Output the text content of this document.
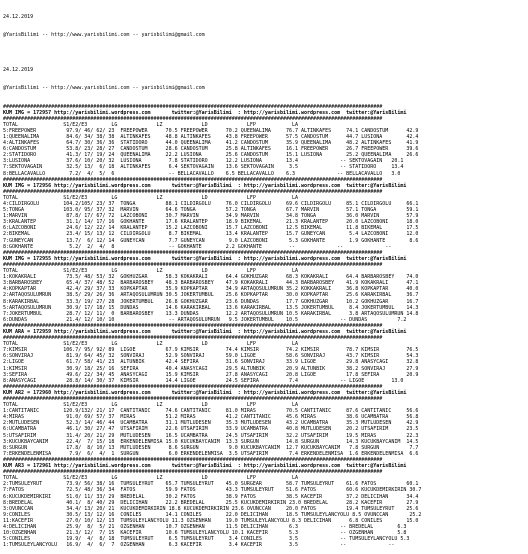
24.12.2019

@YarisBilimi -- http://www.yarisbilimi.com -- yarisbilimi@gmail.com

24.12.2019

@YarisBilimi -- http://www.yarisbilimi.com -- yarisbilimi@gmail.com

##############################################################################################################################
KUM IMG = 172957 http://yarisbilimi.wordpress.com       twitter:@YarisBilimi  : http://yarisbilimi.wordpress.com  twitter:@YarisBilimi
##############################################################################################################################
TOTAL               S1/E2/E3        LG             LZ             LD             LFP            LA
5:FREEPOWER          97.9/ 46/ 62/ 23  FREEPOWER      70.5 FREEPOWER      70.2 QUEENALIMA     76.7 ALTINKAFES     74.1 CANDOSTUM      42.9
1:QUEENALIMA         84.6/ 34/ 38/ 38  ALTINKAFES     48.8 ALTINKAFES     43.8 FREEPOWER      57.5 CANDOSTUM      44.7 LUSIONA        42.4
4:ALTINKAFES         64.7/ 30/ 36/ 36  STATIDORO      44.0 QUEENALIMA     41.2 CANDOSTUM      35.9 QUEENALIMA     48.2 ALTINKAFES     41.9
6:CANDOSTUM          53.8/ 23/ 28/ 27  CANDOSTUM      28.6 CANDOSTUM      25.8 ALTINKAFES     16.1 FREEPOWER      26.7 FREEPOWER      39.6
2:STATIDORO          41.3/ 17/ 19/ 24  QUEENALIMA     22.2 LUSIONA        25.6 CANDOSTUM      15.1 LUSIONA        25.2 QUEENALIMA     26.6
3:LUSIONA            37.6/ 10/ 20/ 32  LUSIONA         7.8 STATIDORO      12.2 LUSIONA        13.4              -- SEKTOVAGAIN   20.1
7:SEKTOVAGAIN        32.5/ 13/  6/ 18  ALTINKAFES      6.4 SEKTOVAGAIN    13.6 SEKTOVAGAIN     3.5              -- STATIDORO     13.4
8:BELLACAVALLO        7.2/  4/  5/  6                  -- BELLACAVALLO    6.5 BELLACAVALLO    6.3              -- BELLACAVALLO   3.0
##############################################################################################################################
KUM IMG = 172956 http://yarisbilimi.wordpress.com       twitter:@YarisBilimi  : http://yarisbilimi.wordpress.com  twitter:@YarisBilimi
##############################################################################################################################
TOTAL               S1/E2/E3        LG             LZ             LD             LFP            LA
4:CILDIRGOLU        104.2/105/ 23/ 37  TONGA          88.1 CILDIRGOLU     76.0 CILDIRGOLU     69.6 CILDIRGOLU     85.1 CILDIRGOLU     66.1
5:TONGA             103.0/ 95/ 37/ 32  MARVIN         64.6 TONGA          57.2 TONGA          67.7 MARVIN         57.1 TONGA          59.1
1:MARVIN             87.8/ 17/ 67/ 72  LAZCOBONI      30.7 MARVIN         34.9 MARVIN         34.8 TONGA          36.0 MARVIN         57.9
3:KRALANTEP          31.1/ 14/ 17/ 16  GOKHANTE       17.6 KRALANTEP      18.9 BIKEMAL        21.3 KRALANTEP      20.0 LAZCOBONI      18.0
6:LAZCOBONI          24.6/ 12/ 22/ 14  KRALANTEP      15.2 LAZCOBONI      15.7 LAZCOBONI      12.5 BIKEMAL        11.8 BIKEMAL        17.5
2:BIKEMAL            23.4/ 15/ 13/ 12  CILDIRGOLU      8.7 BIKEMAL        13.4 KRALANTEP      15.7 GUNEYCAN        5.4 LAZCOBONI      12.0
7:GUNEYCAN           13.7/  6/ 12/ 14  GUNEYCAN        7.7 GUNEYCAN        9.0 LAZCOBONI       5.3 GOKHANTE        1.9 GOKHANTE        8.6
8:GOKHANTE            5.2/  2/  4/  8                  -- GOKHANTE        2.2 GOKHANTE         --              --              --
##############################################################################################################################
KUM IMG = 172955 http://yarisbilimi.wordpress.com       twitter:@YarisBilimi  : http://yarisbilimi.wordpress.com  twitter:@YarisBilimi
##############################################################################################################################
TOTAL               S1/E2/E3        LG             LZ             LD             LFP            LA
1:KOKAKRALI          73.5/ 48/ 53/ 32  GOKHUZGAR      58.3 KOKAKRALI      64.4 GOKHUZGAR      68.3 KOKAKRALI      64.4 BARBAROSBEY    74.0
3:BARBAROSBEY        65.4/ 37/ 48/ 52  BARBAROSBEY    48.3 BARBAROSBEY    47.9 KOKAKRALI      44.3 BARBAROSBEY    41.9 KOKAKRALI      47.1
4:KOPKAPTAR          42.4/ 29/ 37/ 33  KOPKAPTAR      35.9 KOPKAPTAR      34.9 ARTAQOSULUMRUN 35.2 KOKKAKRALI     36.8 KOPKAPTAR      40.0
2:ARTAQOSULUMRUN     38.5/ 29/ 26/ 36  ARTAQOSULUMRUN 30.5 JOKERTUMBUL    25.6 KOPKAPTAR      30.0 KOPKAPTAR      25.6 KARAKIRBAL     36.7
8:KARAKIRBAL         33.3/ 19/ 27/ 28  JOKERTUMBUL    26.8 GOKHUZGAR      23.6 DUNDAS         17.7 GOKHUZGAR      10.2 GOKHUZGAR      16.7
5:ARTAQOSULUMRUN     30.9/ 17/ 18/ 15  DUNDAS         14.6 KARAKIRBAL     13.6 KARAKIRBAL     13.5 JOKERTUMBUL     8.4 JOKERTUMBUL    14.3
7:JOKERTUMBUL        28.7/ 12/ 11/  0  BARBAROSBEY    13.3 DUNDAS         12.2 ARTAQOSULUMRUN 10.5 KARAKIRBAL      3.8 ARTAQOSULUMRUN 14.8
6:DUNDAS             21.4/ 12/ 10/ 10                  -- ARTAQOSULUMRUN   9.5 JOKERTUMBUL    10.5              -- DUNDAS          7.2
##############################################################################################################################
KUM ARA = 172959 http://yarisbilimi.wordpress.com       twitter:@YarisBilimi  : http://yarisbilimi.wordpress.com  twitter:@YarisBilimi
##############################################################################################################################
TOTAL               S1/E2/E3        LG             LZ             LD             LFP            LA
7:KIMSIR            106.7/ 95/ 92/ 89  LIGOE          67.9 KIMSIR         74.4 KIMSIR         74.2 KIMSIR         78.7 KIMSIR         76.5
6:SONVIRAJ           81.9/ 64/ 45/ 32  SONVIRAJ       52.9 SONVIRAJ       59.0 LIGOE          58.6 SONVIRAJ       43.7 KIMSIR         54.3
2:LIGOE              61.7/ 58/ 41/ 23  ALTUNBIK       42.4 SEFIRA         31.6 SONVIRAJ       33.9 LIGOE          29.8 ANASYCAGI      32.8
1:KIMSIR             30.9/ 18/ 25/ 16  SEFIRA         40.4 ANASYCAGI      29.5 ALTUNBIK       20.9 ALTUNBIK       38.2 SONVIRAJ       27.9
3:SEFIRA             49.6/ 22/ 34/ 45  ANASYCAGI      15.9 KIMSIR         27.8 ANASYCAGI      20.8 LIGOE          17.8 SEFIRA         20.9
8:ANASYCAGI          28.8/ 14/ 30/ 37  KIMSIR         14.4 LIGOE          24.5 SEFIRA          7.4              -- LIGOE         13.0
##############################################################################################################################
KUM AR2 = 172960 http://yarisbilimi.wordpress.com       twitter:@YarisBilimi  : http://yarisbilimi.wordpress.com  twitter:@YarisBilimi
##############################################################################################################################
TOTAL               S1/E2/E3        LG             LZ             LD             LFP            LA
1:CANTITANIC        120.9/132/ 21/ 17  CANTITANIC     74.6 CANTITANIC     81.0 MIRAS          70.5 CANTITANIC     87.6 CANTITANIC     56.6
4:MIRAS              91.0/ 69/ 57/ 37  MIRAS          51.2 MIRAS          41.2 CANTITANIC     45.6 MIRAS          38.6 UCAMBATRA      56.8
2:MUTLUDESEN         52.3/ 14/ 46/ 44  UCAMBATRA      31.1 MUTLUDESEN     35.3 MUTLUDESEN     43.2 UCAMBATRA      35.3 MUTLUDESEN     42.9
6:UCAMBATRA          46.1/ 30/ 27/ 47  UTSAFIRIM      22.6 UTSAFIRIM      33.9 UCAMBATRA      40.8 MUTLUDESEN     20.2 UTSAFIRIM      23.5
5:UTSAFIRIM          31.4/ 20/ 21/ 29  MUTLUDESEN     16.5 UCAMBATRA      24.5 UTSAFIRIM      32.2 UTSAFIRIM      19.5 MIRAS          22.3
3:KUCUKBAYCANIM      22.4/  7/ 15/ 18  ERKENDELENMISA 15.0 KUCUKBAYCANIM  13.3 SURGUN         14.8 SURGUN         14.3 KUCUKBAYCANIM  14.5
8:SURGUN             17.8/  8/ 10/ 13  MUTLUDESEN      8.6 SURGUN          9.0 KUCUKBAYCANIM  12.7 KUCUKBAYCANIM   7.8 SURGUN          7.7
7:ERKENDELENMISA      7.9/  6/  4/  1  SURGUN          6.0 ERKENDELENMISA  3.5 UTSAFIRIM       7.4 ERKENDELENMISA  1.6 ERKENDELENMISA  6.6
##############################################################################################################################
KUM AR3 = 172961 http://yarisbilimi.wordpress.com       twitter:@YarisBilimi  : http://yarisbilimi.wordpress.com  twitter:@YarisBilimi
##############################################################################################################################
TOTAL               S1/E2/E3        LG             LZ             LD             LFP            LA
2:TUMSULEYRUT        73.9/ 56/ 38/ 16  TUMSULEYRUT    65.7 TUMSULEYRUT    45.0 SURGEAR        58.7 TUMSULEYRUT    61.6 FATOS          60.1
7:FATOS              72.5/ 48/ 36/ 34  FATOS          59.9 FATOS          43.3 TUMSULEYRUT    51.6 FATOS          60.6 KUCUKDEMIRKIRIN 30.7
6:KUCUKDEMIRKIRI     51.0/ 11/ 33/ 29  BREDELAL       30.2 FATOS          38.9 FATOS          38.5 KACEFIR        37.2 DELICIHAN      34.4
8:BREDELAL           40.1/  8/ 40/ 29  DELICIHAN      22.2 BREDELAL       25.5 KUCUKDEMIRKIRIN 23.0 BREDELAL      28.2 KACEFIR        27.9
3:OVUNCCAN           34.4/ 13/ 20/ 21  KUCUKDEMIRKIRIN 18.8 KUCUKDEMIRKIRIN 23.6 OVUNCCAN     20.0 FATOS          19.4 TUMSULEYRUT    25.6
9:CONILES            30.5/ 13/ 12/ 16  CONILES        14.1 CONILES        22.0 DELICIHAN      18.5 TUMSULEYLANCYOLU 8.5 OVUNCCAN       25.2
11:KACEFIR           27.0/ 10/ 12/ 13  TUMSULEYLANCYOLU 11.3 OZGENHAN     19.0 TUMSULEYLANCYOLU 8.3 DELICIHAN      6.8 CONILES        15.0
4:DELICIHAN          25.9/  8/  5/ 21  OZGENHAN       10.7 OZGENHAN       11.5 DELICIHAN       6.3              -- BREDELAL        6.3
10:OZGENHAN          21.3/ 12/  7/ 15  KACEFIR        10.6 TUMSULEYLANCYOLU 10.1 KACEFIR       5.3              -- OZGENHAN        5.8
5:CONILES            19.9/  4/  8/ 18  TUMSULEYRUT     6.5 TUMSULEYRUT     3.4 CONILES         3.5              -- TUMSULEYLANCYOLU 5.3
1:TUMSULEYLANCYOLU   16.9/  4/  6/  7  OZGENHAN        6.3 KACEFIR         3.4 KACEFIR         3.5              --              --
